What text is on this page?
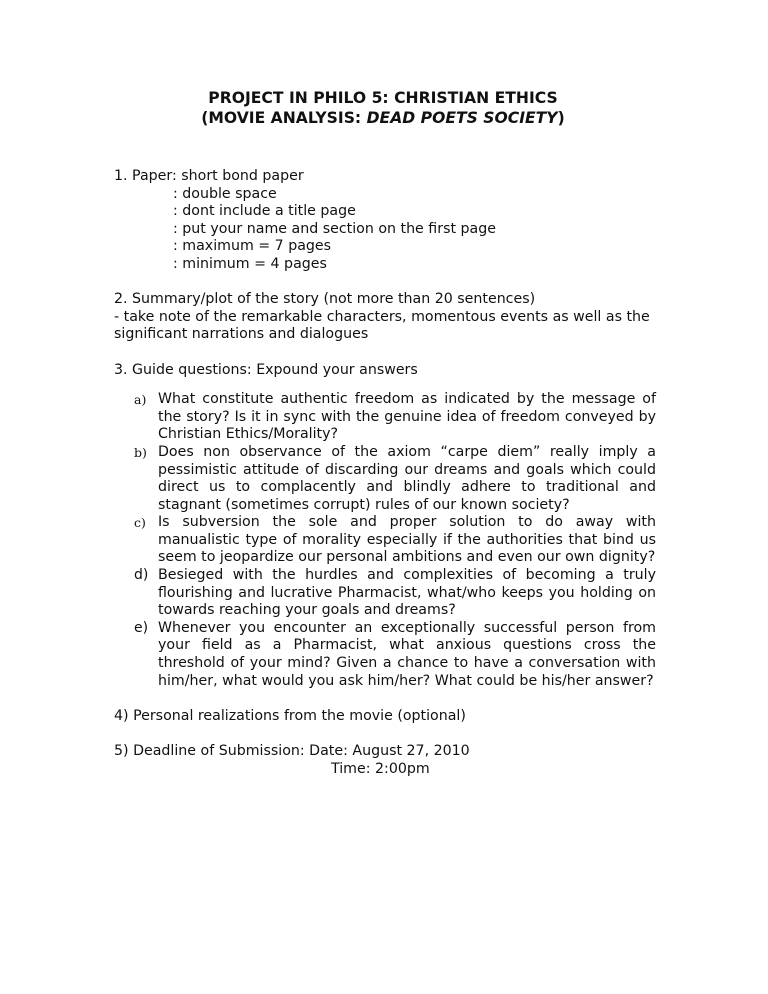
PROJECT IN PHILO 5: CHRISTIAN ETHICS
(MOVIE ANALYSIS: DEAD POETS SOCIETY)
1. Paper: short bond paper
: double space
: dont include a title page
: put your name and section on the first page
: maximum = 7 pages
: minimum = 4 pages
2. Summary/plot of the story (not more than 20 sentences)
- take note of the remarkable characters, momentous events as well as the significant narrations and dialogues
3. Guide questions: Expound your answers
a) What constitute authentic freedom as indicated by the message of the story? Is it in sync with the genuine idea of freedom conveyed by Christian Ethics/Morality?
b) Does non observance of the axiom “carpe diem” really imply a pessimistic attitude of discarding our dreams and goals which could direct us to complacently and blindly adhere to traditional and stagnant (sometimes corrupt) rules of our known society?
c) Is subversion the sole and proper solution to do away with manualistic type of morality especially if the authorities that bind us seem to jeopardize our personal ambitions and even our own dignity?
d) Besieged with the hurdles and complexities of becoming a truly flourishing and lucrative Pharmacist, what/who keeps you holding on towards reaching your goals and dreams?
e) Whenever you encounter an exceptionally successful person from your field as a Pharmacist, what anxious questions cross the threshold of your mind? Given a chance to have a conversation with him/her, what would you ask him/her? What could be his/her answer?
4) Personal realizations from the movie (optional)
5) Deadline of Submission: Date: August 27, 2010
Time: 2:00pm
